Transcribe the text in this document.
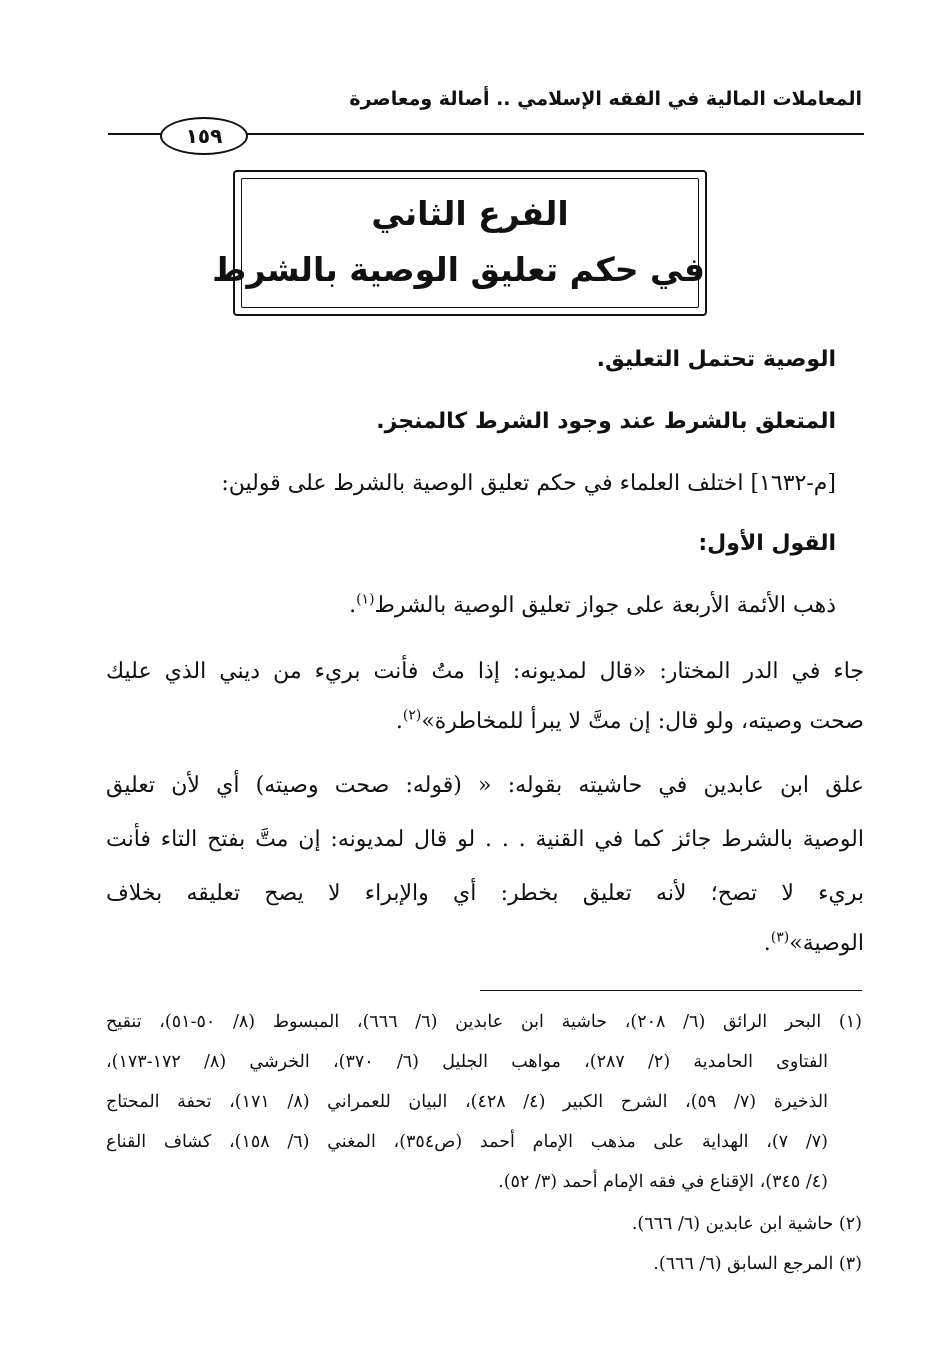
المعاملات المالية في الفقه الإسلامي .. أصالة ومعاصرة
١٥٩
الفرع الثاني
في حكم تعليق الوصية بالشرط
الوصية تحتمل التعليق.
المتعلق بالشرط عند وجود الشرط كالمنجز.
[م-١٦٣٢] اختلف العلماء في حكم تعليق الوصية بالشرط على قولين:
القول الأول:
ذهب الأئمة الأربعة على جواز تعليق الوصية بالشرط$^{(١)}$.
جاء في الدر المختار: «قال لمديونه: إذا متُ فأنت بريء من ديني الذي عليك
صحت وصيته، ولو قال: إن متَّ لا يبرأ للمخاطرة»$^{(٢)}$.
علق ابن عابدين في حاشيته بقوله: « (قوله: صحت وصيته) أي لأن تعليق
الوصية بالشرط جائز كما في القنية . . . لو قال لمديونه: إن متَّ بفتح التاء فأنت
بريء لا تصح؛ لأنه تعليق بخطر: أي والإبراء لا يصح تعليقه بخلاف
الوصية»$^{(٣)}$.
(١) البحر الرائق (٦/ ٢٠٨)، حاشية ابن عابدين (٦/ ٦٦٦)، المبسوط (٨/ ٥٠-٥١)، تنقيح
الفتاوى الحامدية (٢/ ٢٨٧)، مواهب الجليل (٦/ ٣٧٠)، الخرشي (٨/ ١٧٢-١٧٣)،
الذخيرة (٧/ ٥٩)، الشرح الكبير (٤/ ٤٢٨)، البيان للعمراني (٨/ ١٧١)، تحفة المحتاج
(٧/ ٧)، الهداية على مذهب الإمام أحمد (ص٣٥٤)، المغني (٦/ ١٥٨)، كشاف القناع
(٤/ ٣٤٥)، الإقناع في فقه الإمام أحمد (٣/ ٥٢).
(٢) حاشية ابن عابدين (٦/ ٦٦٦).
(٣) المرجع السابق (٦/ ٦٦٦).
